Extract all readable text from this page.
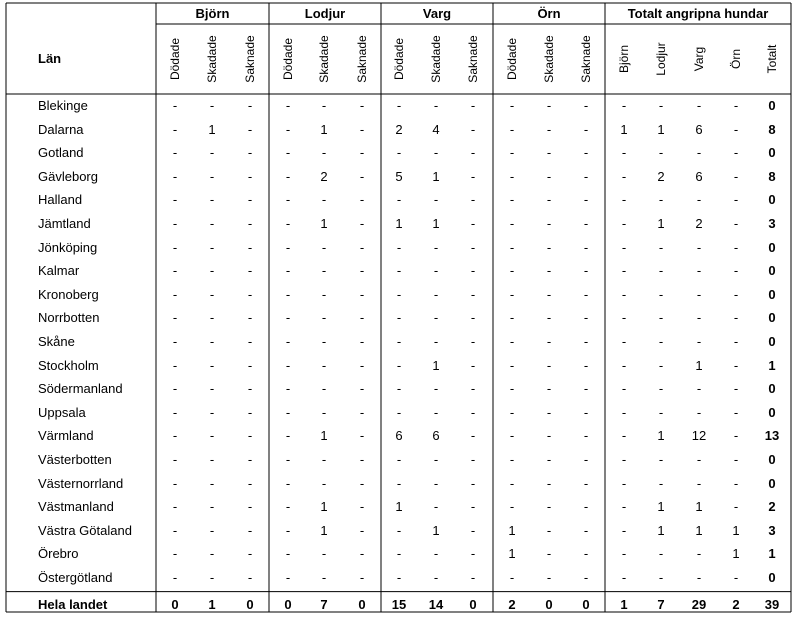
Län
Björn	Lodjur	Varg	Örn	Totalt angripna hundar
Dödade Skadade Saknade Dödade Skadade Saknade Dödade Skadade Saknade Dödade Skadade Saknade Björn Lodjur Varg Örn Totalt
Blekinge	-	-	-	-	-	-	-	-	-	-	-	-	-	-	-	-	0
Dalarna	-	1	-	-	1	-	2	4	-	-	-	-	1	1	6	-	8
Gotland	-	-	-	-	-	-	-	-	-	-	-	-	-	-	-	-	0
Gävleborg	-	-	-	-	2	-	5	1	-	-	-	-	-	2	6	-	8
Halland	-	-	-	-	-	-	-	-	-	-	-	-	-	-	-	-	0
Jämtland	-	-	-	-	1	-	1	1	-	-	-	-	-	1	2	-	3
Jönköping	-	-	-	-	-	-	-	-	-	-	-	-	-	-	-	-	0
Kalmar	-	-	-	-	-	-	-	-	-	-	-	-	-	-	-	-	0
Kronoberg	-	-	-	-	-	-	-	-	-	-	-	-	-	-	-	-	0
Norrbotten	-	-	-	-	-	-	-	-	-	-	-	-	-	-	-	-	0
Skåne	-	-	-	-	-	-	-	-	-	-	-	-	-	-	-	-	0
Stockholm	-	-	-	-	-	-	-	1	-	-	-	-	-	-	1	-	1
Södermanland	-	-	-	-	-	-	-	-	-	-	-	-	-	-	-	-	0
Uppsala	-	-	-	-	-	-	-	-	-	-	-	-	-	-	-	-	0
Värmland	-	-	-	-	1	-	6	6	-	-	-	-	-	1	12	-	13
Västerbotten	-	-	-	-	-	-	-	-	-	-	-	-	-	-	-	-	0
Västernorrland	-	-	-	-	-	-	-	-	-	-	-	-	-	-	-	-	0
Västmanland	-	-	-	-	1	-	1	-	-	-	-	-	-	1	1	-	2
Västra Götaland	-	-	-	-	1	-	-	1	-	1	-	-	-	1	1	1	3
Örebro	-	-	-	-	-	-	-	-	-	1	-	-	-	-	-	1	1
Östergötland	-	-	-	-	-	-	-	-	-	-	-	-	-	-	-	-	0
Hela landet	0	1	0	0	7	0	15	14	0	2	0	0	1	7	29	2	39
